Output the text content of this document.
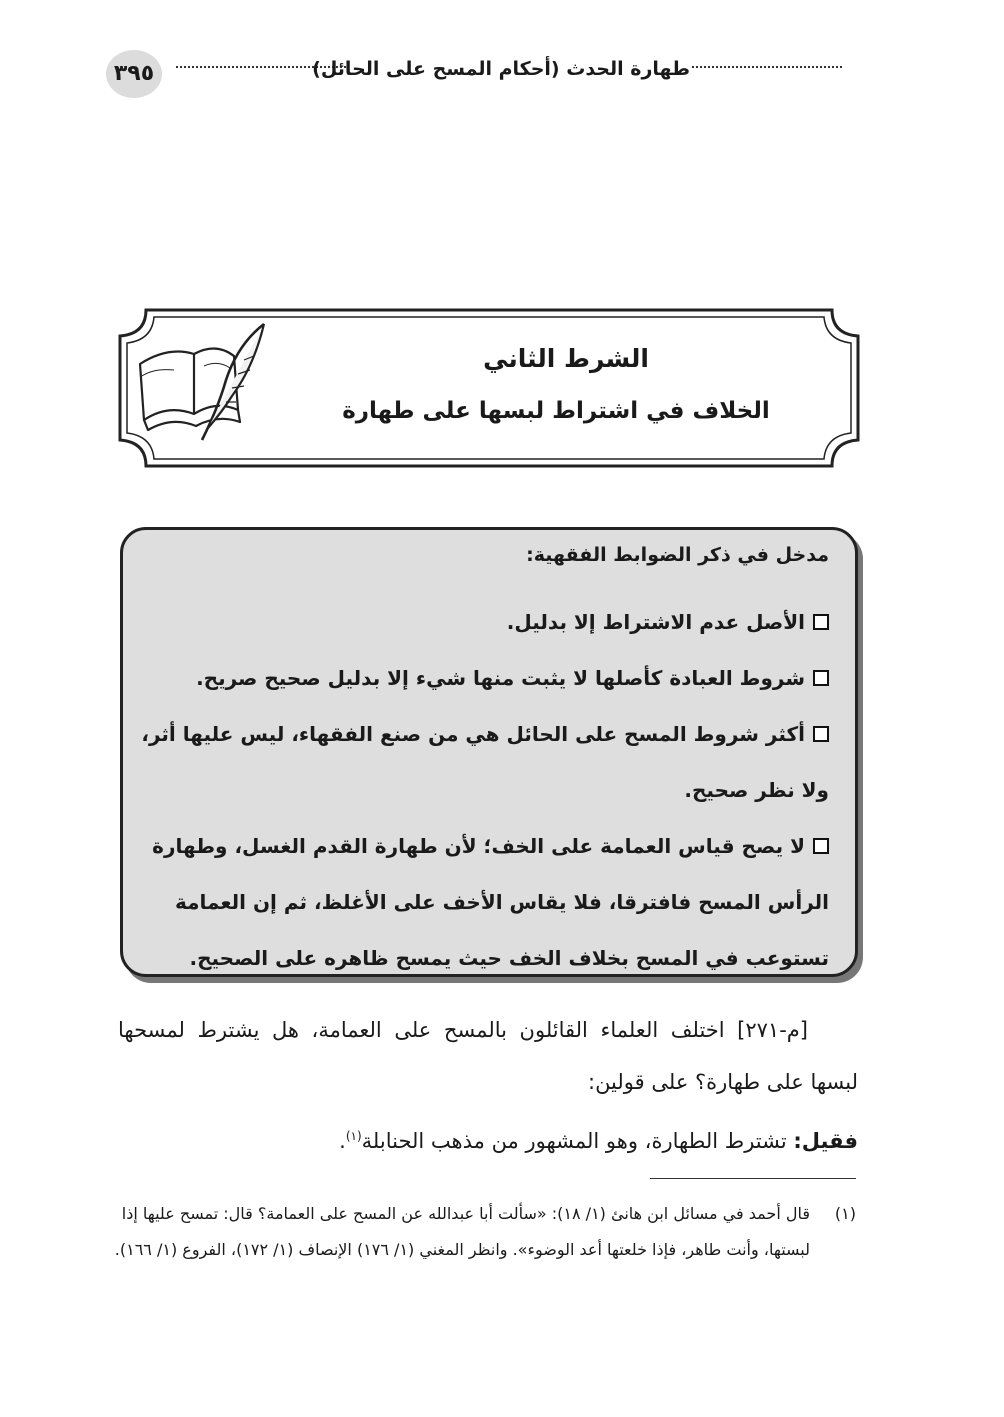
٣٩٥	طهارة الحدث (أحكام المسح على الحائل)
الشرط الثاني
الخلاف في اشتراط لبسها على طهارة
مدخل في ذكر الضوابط الفقهية:
الأصل عدم الاشتراط إلا بدليل.
شروط العبادة كأصلها لا يثبت منها شيء إلا بدليل صحيح صريح.
أكثر شروط المسح على الحائل هي من صنع الفقهاء، ليس عليها أثر، ولا نظر صحيح.
لا يصح قياس العمامة على الخف؛ لأن طهارة القدم الغسل، وطهارة الرأس المسح فافترقا، فلا يقاس الأخف على الأغلظ، ثم إن العمامة تستوعب في المسح بخلاف الخف حيث يمسح ظاهره على الصحيح.
[م-٢٧١] اختلف العلماء القائلون بالمسح على العمامة، هل يشترط لمسحها لبسها على طهارة؟ على قولين:
فقيل: تشترط الطهارة، وهو المشهور من مذهب الحنابلة$^{(١)}$.
(١)
قال أحمد في مسائل ابن هانئ (١/ ١٨): «سألت أبا عبدالله عن المسح على العمامة؟ قال: تمسح عليها إذا لبستها، وأنت طاهر، فإذا خلعتها أعد الوضوء». وانظر المغني (١/ ١٧٦) الإنصاف (١/ ١٧٢)، الفروع (١/ ١٦٦).
